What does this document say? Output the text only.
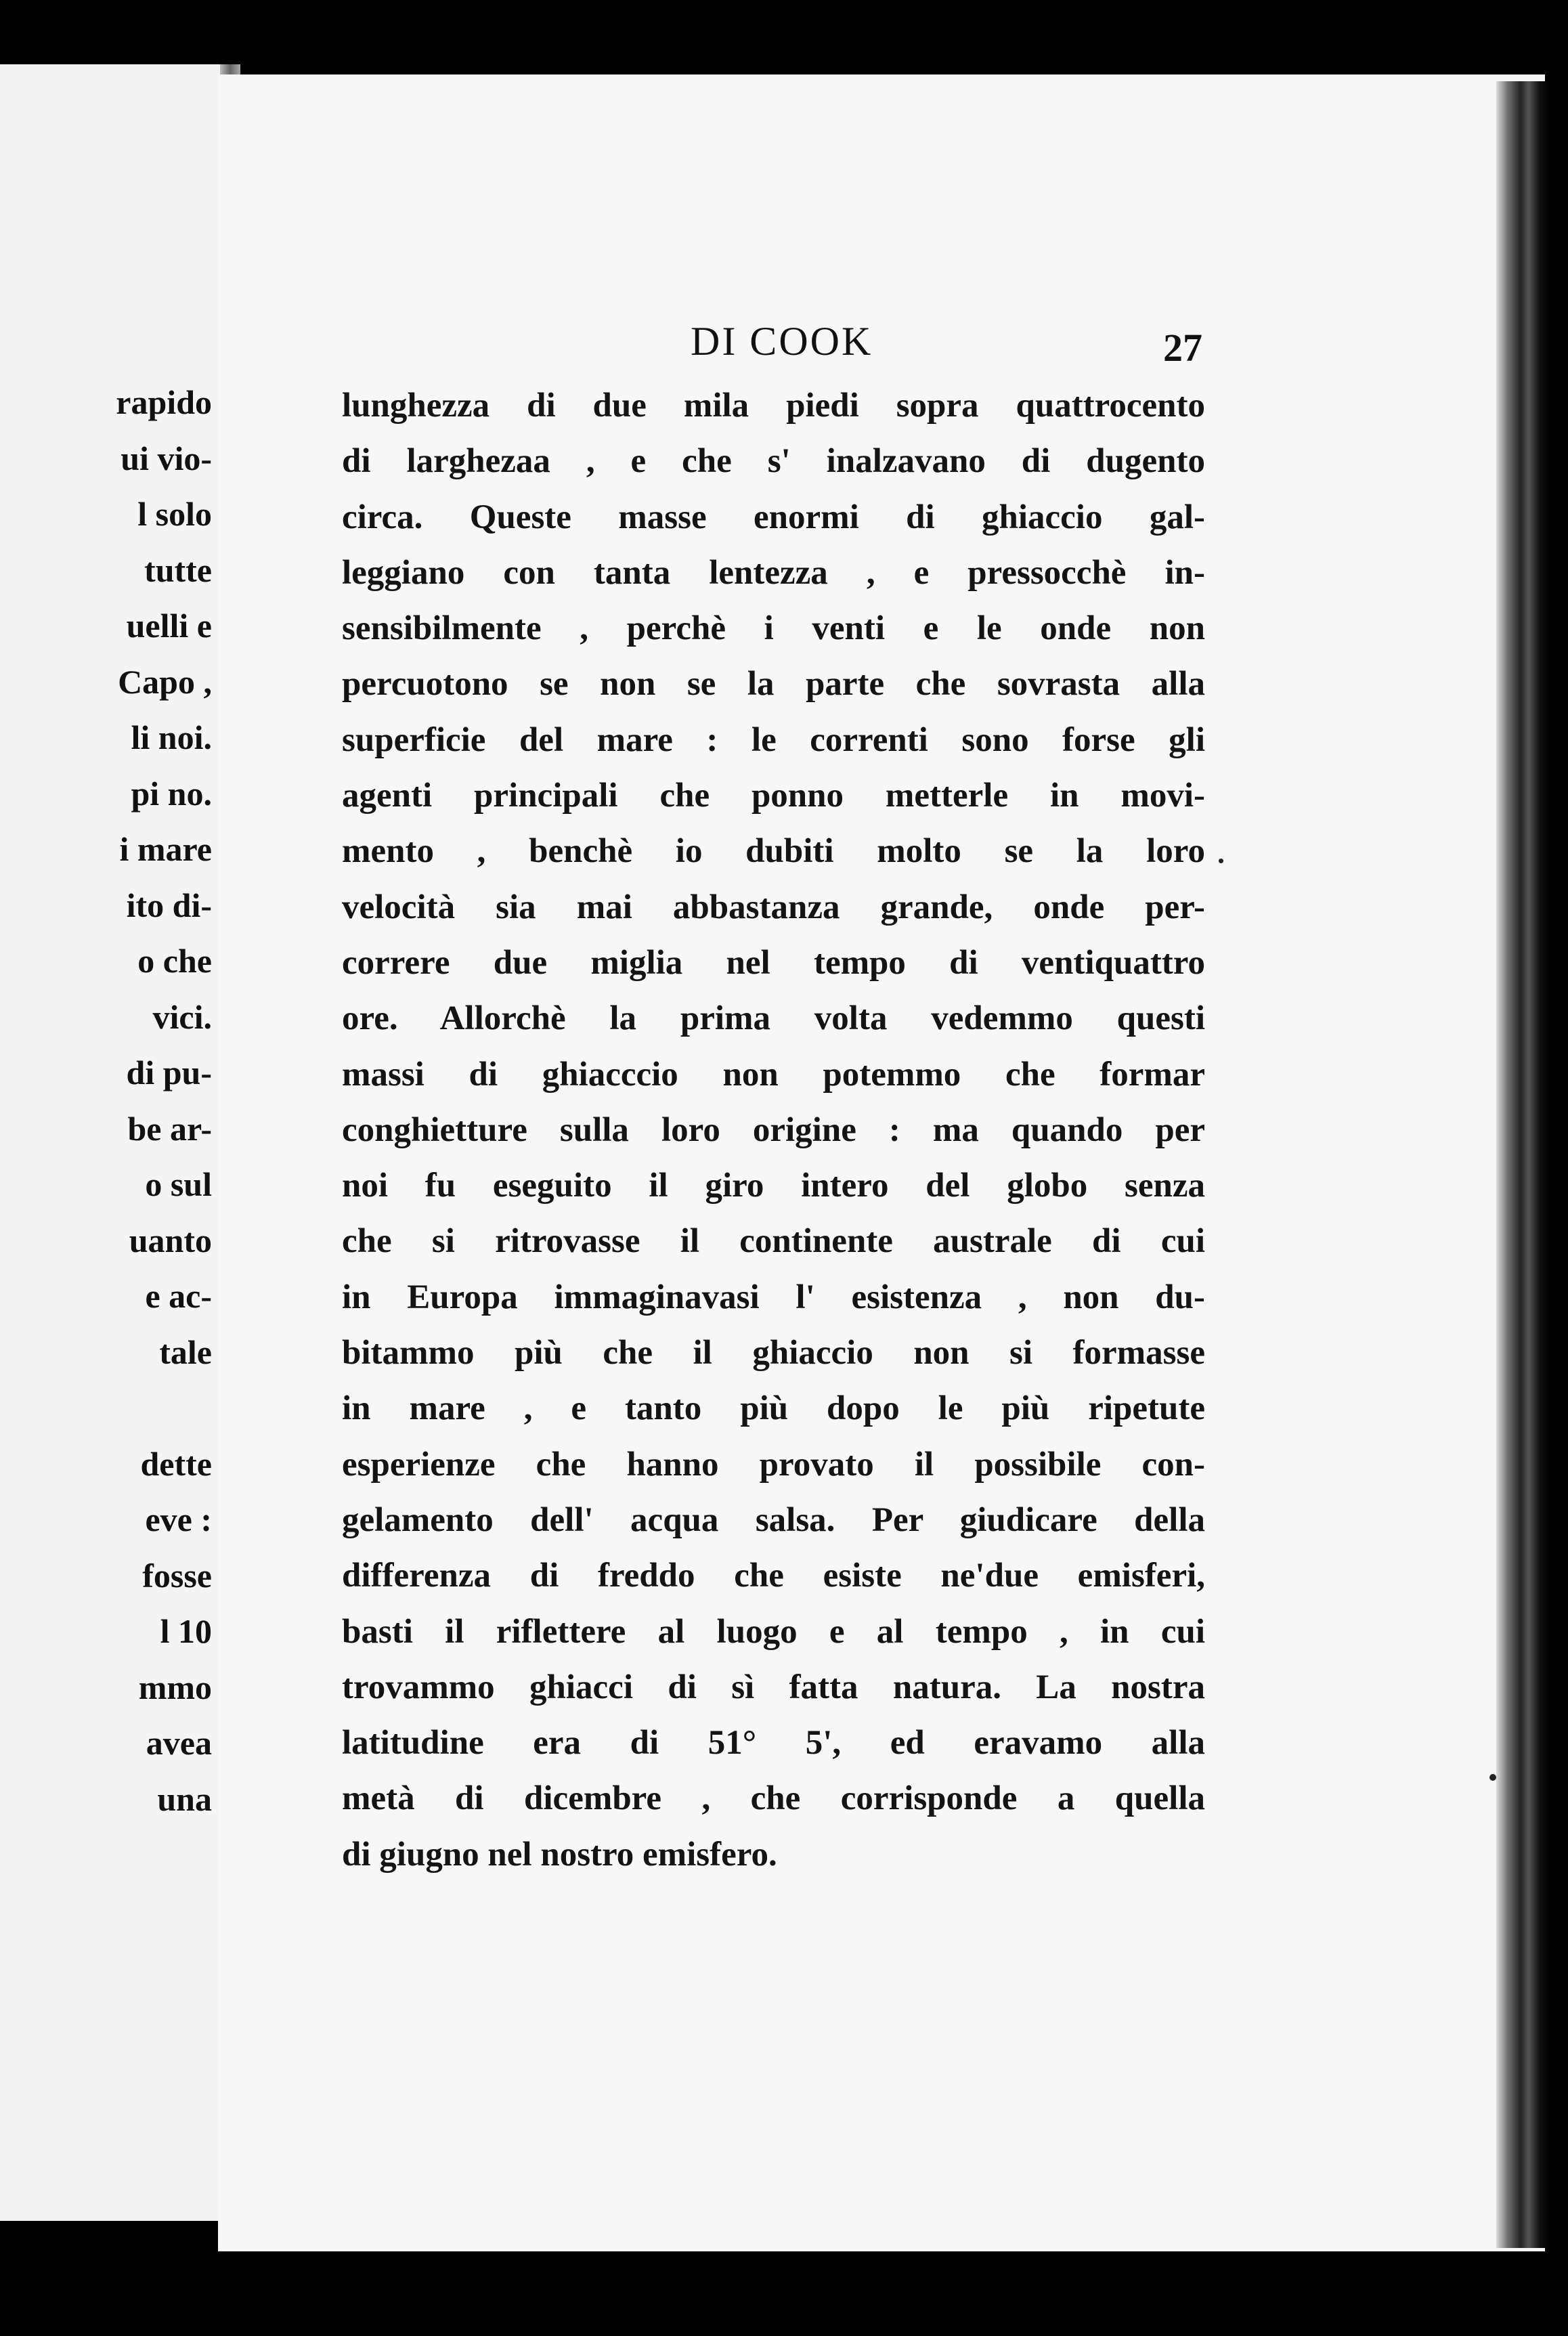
rapido
ui vio-
l solo
tutte
uelli e
Capo ,
li noi.
pi no.
i mare
ito di-
o che
vici.
di pu-
be ar-
o sul
uanto
e ac-
tale
dette
eve :
fosse
l 10
mmo
avea
una
DI COOK	27
lunghezza di due mila piedi sopra quattrocento
di larghezaa , e che s' inalzavano di dugento
circa. Queste masse enormi di ghiaccio gal-
leggiano con tanta lentezza , e pressocchè in-
sensibilmente , perchè i venti e le onde non
percuotono se non se la parte che sovrasta alla
superficie del mare : le correnti sono forse gli
agenti principali che ponno metterle in movi-
mento , benchè io dubiti molto se la loro
velocità sia mai abbastanza grande, onde per-
correre due miglia nel tempo di ventiquattro
ore. Allorchè la prima volta vedemmo questi
massi di ghiacccio non potemmo che formar
conghietture sulla loro origine : ma quando per
noi fu eseguito il giro intero del globo senza
che si ritrovasse il continente australe di cui
in Europa immaginavasi l' esistenza , non du-
bitammo più che il ghiaccio non si formasse
in mare , e tanto più dopo le più ripetute
esperienze che hanno provato il possibile con-
gelamento dell' acqua salsa. Per giudicare della
differenza di freddo che esiste ne'due emisferi,
basti il riflettere al luogo e al tempo , in cui
trovammo ghiacci di sì fatta natura. La nostra
latitudine era di 51° 5', ed eravamo alla
metà di dicembre , che corrisponde a quella
di giugno nel nostro emisfero.
